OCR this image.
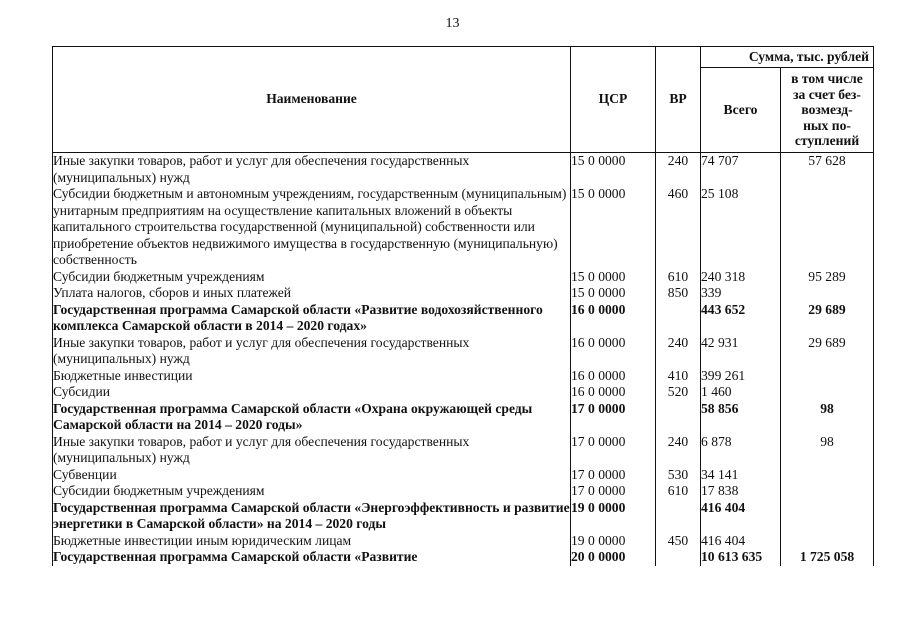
13
Наименование	ЦСР	ВР	Сумма, тыс. рублей	
			Всего	в том числе
за счет без-
возмезд-
ных по-
ступлений

Иные закупки товаров, работ и услуг для обеспечения государственных (муниципальных) нужд	15 0 0000	240	74 707	57 628
Субсидии бюджетным и автономным учреждениям, государственным (муниципальным) унитарным предприятиям на осуществление капитальных вложений в объекты капитального строительства государственной (муниципальной) собственности или приобретение объектов недвижимого имущества в государственную (муниципальную) собственность	15 0 0000	460	25 108	
Субсидии бюджетным учреждениям	15 0 0000	610	240 318	95 289
Уплата налогов, сборов и иных платежей	15 0 0000	850	339	
Государственная программа Самарской области «Развитие водохозяйственного комплекса Самарской области в 2014 – 2020 годах»	16 0 0000		443 652	29 689
Иные закупки товаров, работ и услуг для обеспечения государственных (муниципальных) нужд	16 0 0000	240	42 931	29 689
Бюджетные инвестиции	16 0 0000	410	399 261	
Субсидии	16 0 0000	520	1 460	
Государственная программа Самарской области «Охрана окружающей среды Самарской области на 2014 – 2020 годы»	17 0 0000		58 856	98
Иные закупки товаров, работ и услуг для обеспечения государственных (муниципальных) нужд	17 0 0000	240	6 878	98
Субвенции	17 0 0000	530	34 141	
Субсидии бюджетным учреждениям	17 0 0000	610	17 838	
Государственная программа Самарской области «Энергоэффективность и развитие энергетики в Самарской области» на 2014 – 2020 годы	19 0 0000		416 404	
Бюджетные инвестиции иным юридическим лицам	19 0 0000	450	416 404	
Государственная программа Самарской области «Развитие	20 0 0000		10 613 635	1 725 058
